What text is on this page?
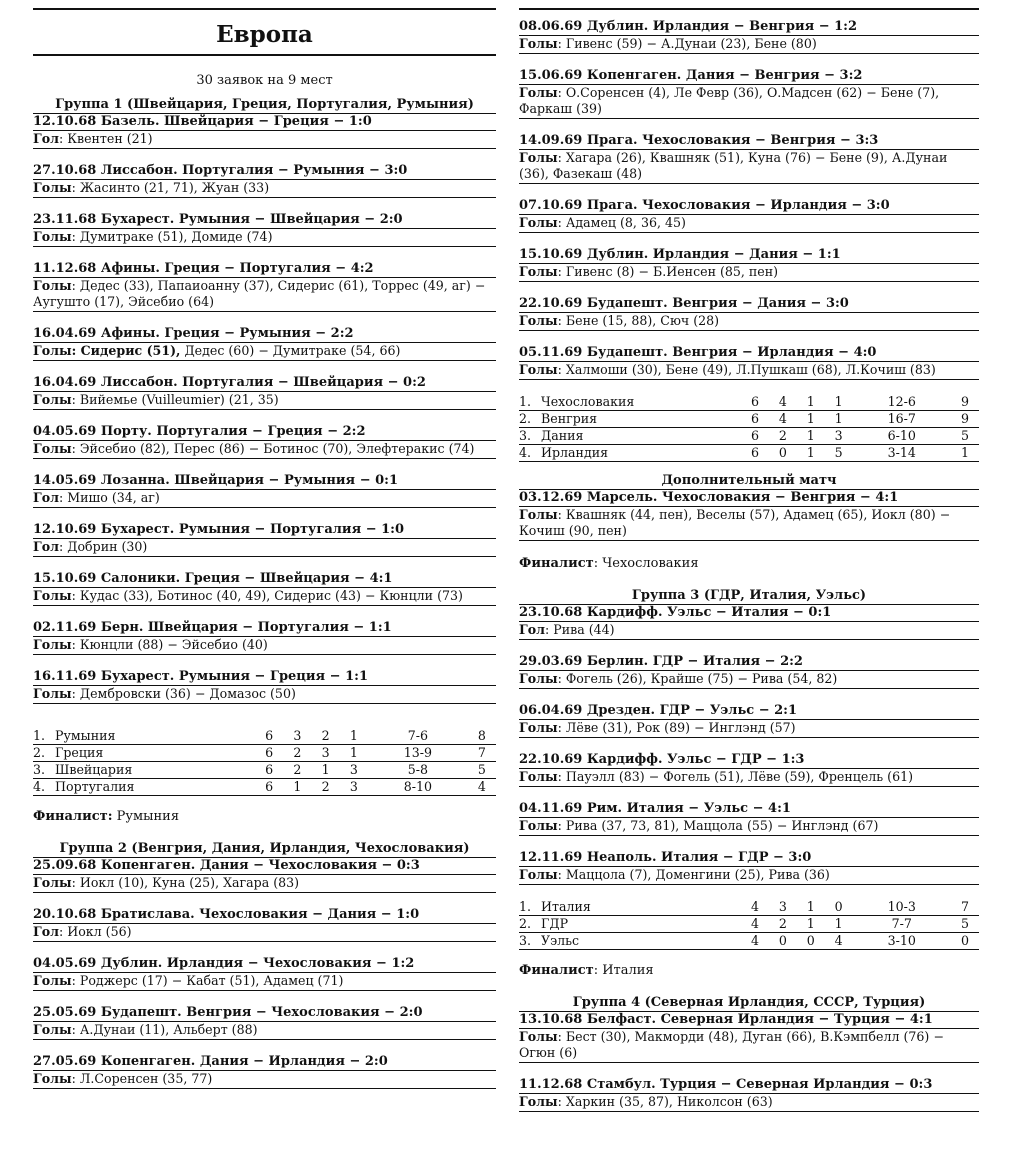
Европа
30 заявок на 9 мест
Группа 1 (Швейцария, Греция, Португалия, Румыния)
12.10.68 Базель. Швейцария − Греция − 1:0
Гол: Квентен (21)
27.10.68 Лиссабон. Португалия − Румыния − 3:0
Голы: Жасинто (21, 71), Жуан (33)
23.11.68 Бухарест. Румыния − Швейцария − 2:0
Голы: Думитраке (51), Домиде (74)
11.12.68 Афины. Греция − Португалия − 4:2
Голы: Дедес (33), Папаиоанну (37), Сидерис (61), Торрес (49, аг) − Аугушто (17), Эйсебио (64)
16.04.69 Афины. Греция − Румыния − 2:2
Голы: Сидерис (51), Дедес (60) − Думитраке (54, 66)
16.04.69 Лиссабон. Португалия − Швейцария − 0:2
Голы: Вийемье (Vuilleumier) (21, 35)
04.05.69 Порту. Португалия − Греция − 2:2
Голы: Эйсебио (82), Перес (86) − Ботинос (70), Элефтеракис (74)
14.05.69 Лозанна. Швейцария − Румыния − 0:1
Гол: Мишо (34, аг)
12.10.69 Бухарест. Румыния − Португалия − 1:0
Гол: Добрин (30)
15.10.69 Салоники. Греция − Швейцария − 4:1
Голы: Кудас (33), Ботинос (40, 49), Сидерис (43) − Кюнцли (73)
02.11.69 Берн. Швейцария − Португалия − 1:1
Голы: Кюнцли (88) − Эйсебио (40)
16.11.69 Бухарест. Румыния − Греция − 1:1
Голы: Дембровски (36) − Домазос (50)
1.	Румыния	6	3	2	1	7-6	8
2.	Греция	6	2	3	1	13-9	7
3.	Швейцария	6	2	1	3	5-8	5
4.	Португалия	6	1	2	3	8-10	4
Финалист: Румыния
Группа 2 (Венгрия, Дания, Ирландия, Чехословакия)
25.09.68 Копенгаген. Дания − Чехословакия − 0:3
Голы: Иокл (10), Куна (25), Хагара (83)
20.10.68 Братислава. Чехословакия − Дания − 1:0
Гол: Иокл (56)
04.05.69 Дублин. Ирландия − Чехословакия − 1:2
Голы: Роджерс (17) − Кабат (51), Адамец (71)
25.05.69 Будапешт. Венгрия − Чехословакия − 2:0
Голы: А.Дунаи (11), Альберт (88)
27.05.69 Копенгаген. Дания − Ирландия − 2:0
Голы: Л.Соренсен (35, 77)
08.06.69 Дублин. Ирландия − Венгрия − 1:2
Голы: Гивенс (59) − А.Дунаи (23), Бене (80)
15.06.69 Копенгаген. Дания − Венгрия − 3:2
Голы: О.Соренсен (4), Ле Февр (36), О.Мадсен (62) − Бене (7), Фаркаш (39)
14.09.69 Прага. Чехословакия − Венгрия − 3:3
Голы: Хагара (26), Квашняк (51), Куна (76) − Бене (9), А.Дунаи (36), Фазекаш (48)
07.10.69 Прага. Чехословакия − Ирландия − 3:0
Голы: Адамец (8, 36, 45)
15.10.69 Дублин. Ирландия − Дания − 1:1
Голы: Гивенс (8) − Б.Иенсен (85, пен)
22.10.69 Будапешт. Венгрия − Дания − 3:0
Голы: Бене (15, 88), Сюч (28)
05.11.69 Будапешт. Венгрия − Ирландия − 4:0
Голы: Халмоши (30), Бене (49), Л.Пушкаш (68), Л.Кочиш (83)
1.	Чехословакия	6	4	1	1	12-6	9
2.	Венгрия	6	4	1	1	16-7	9
3.	Дания	6	2	1	3	6-10	5
4.	Ирландия	6	0	1	5	3-14	1
Дополнительный матч
03.12.69 Марсель. Чехословакия − Венгрия − 4:1
Голы: Квашняк (44, пен), Веселы (57), Адамец (65), Иокл (80) − Кочиш (90, пен)
Финалист: Чехословакия
Группа 3 (ГДР, Италия, Уэльс)
23.10.68 Кардифф. Уэльс − Италия − 0:1
Гол: Рива (44)
29.03.69 Берлин. ГДР − Италия − 2:2
Голы: Фогель (26), Крайше (75) − Рива (54, 82)
06.04.69 Дрезден. ГДР − Уэльс − 2:1
Голы: Лёве (31), Рок (89) − Инглэнд (57)
22.10.69 Кардифф. Уэльс − ГДР − 1:3
Голы: Пауэлл (83) − Фогель (51), Лёве (59), Френцель (61)
04.11.69 Рим. Италия − Уэльс − 4:1
Голы: Рива (37, 73, 81), Маццола (55) − Инглэнд (67)
12.11.69 Неаполь. Италия − ГДР − 3:0
Голы: Маццола (7), Доменгини (25), Рива (36)
1.	Италия	4	3	1	0	10-3	7
2.	ГДР	4	2	1	1	7-7	5
3.	Уэльс	4	0	0	4	3-10	0
Финалист: Италия
Группа 4 (Северная Ирландия, СССР, Турция)
13.10.68 Белфаст. Северная Ирландия − Турция − 4:1
Голы: Бест (30), Макморди (48), Дуган (66), В.Кэмпбелл (76) − Огюн (6)
11.12.68 Стамбул. Турция − Северная Ирландия − 0:3
Голы: Харкин (35, 87), Николсон (63)
